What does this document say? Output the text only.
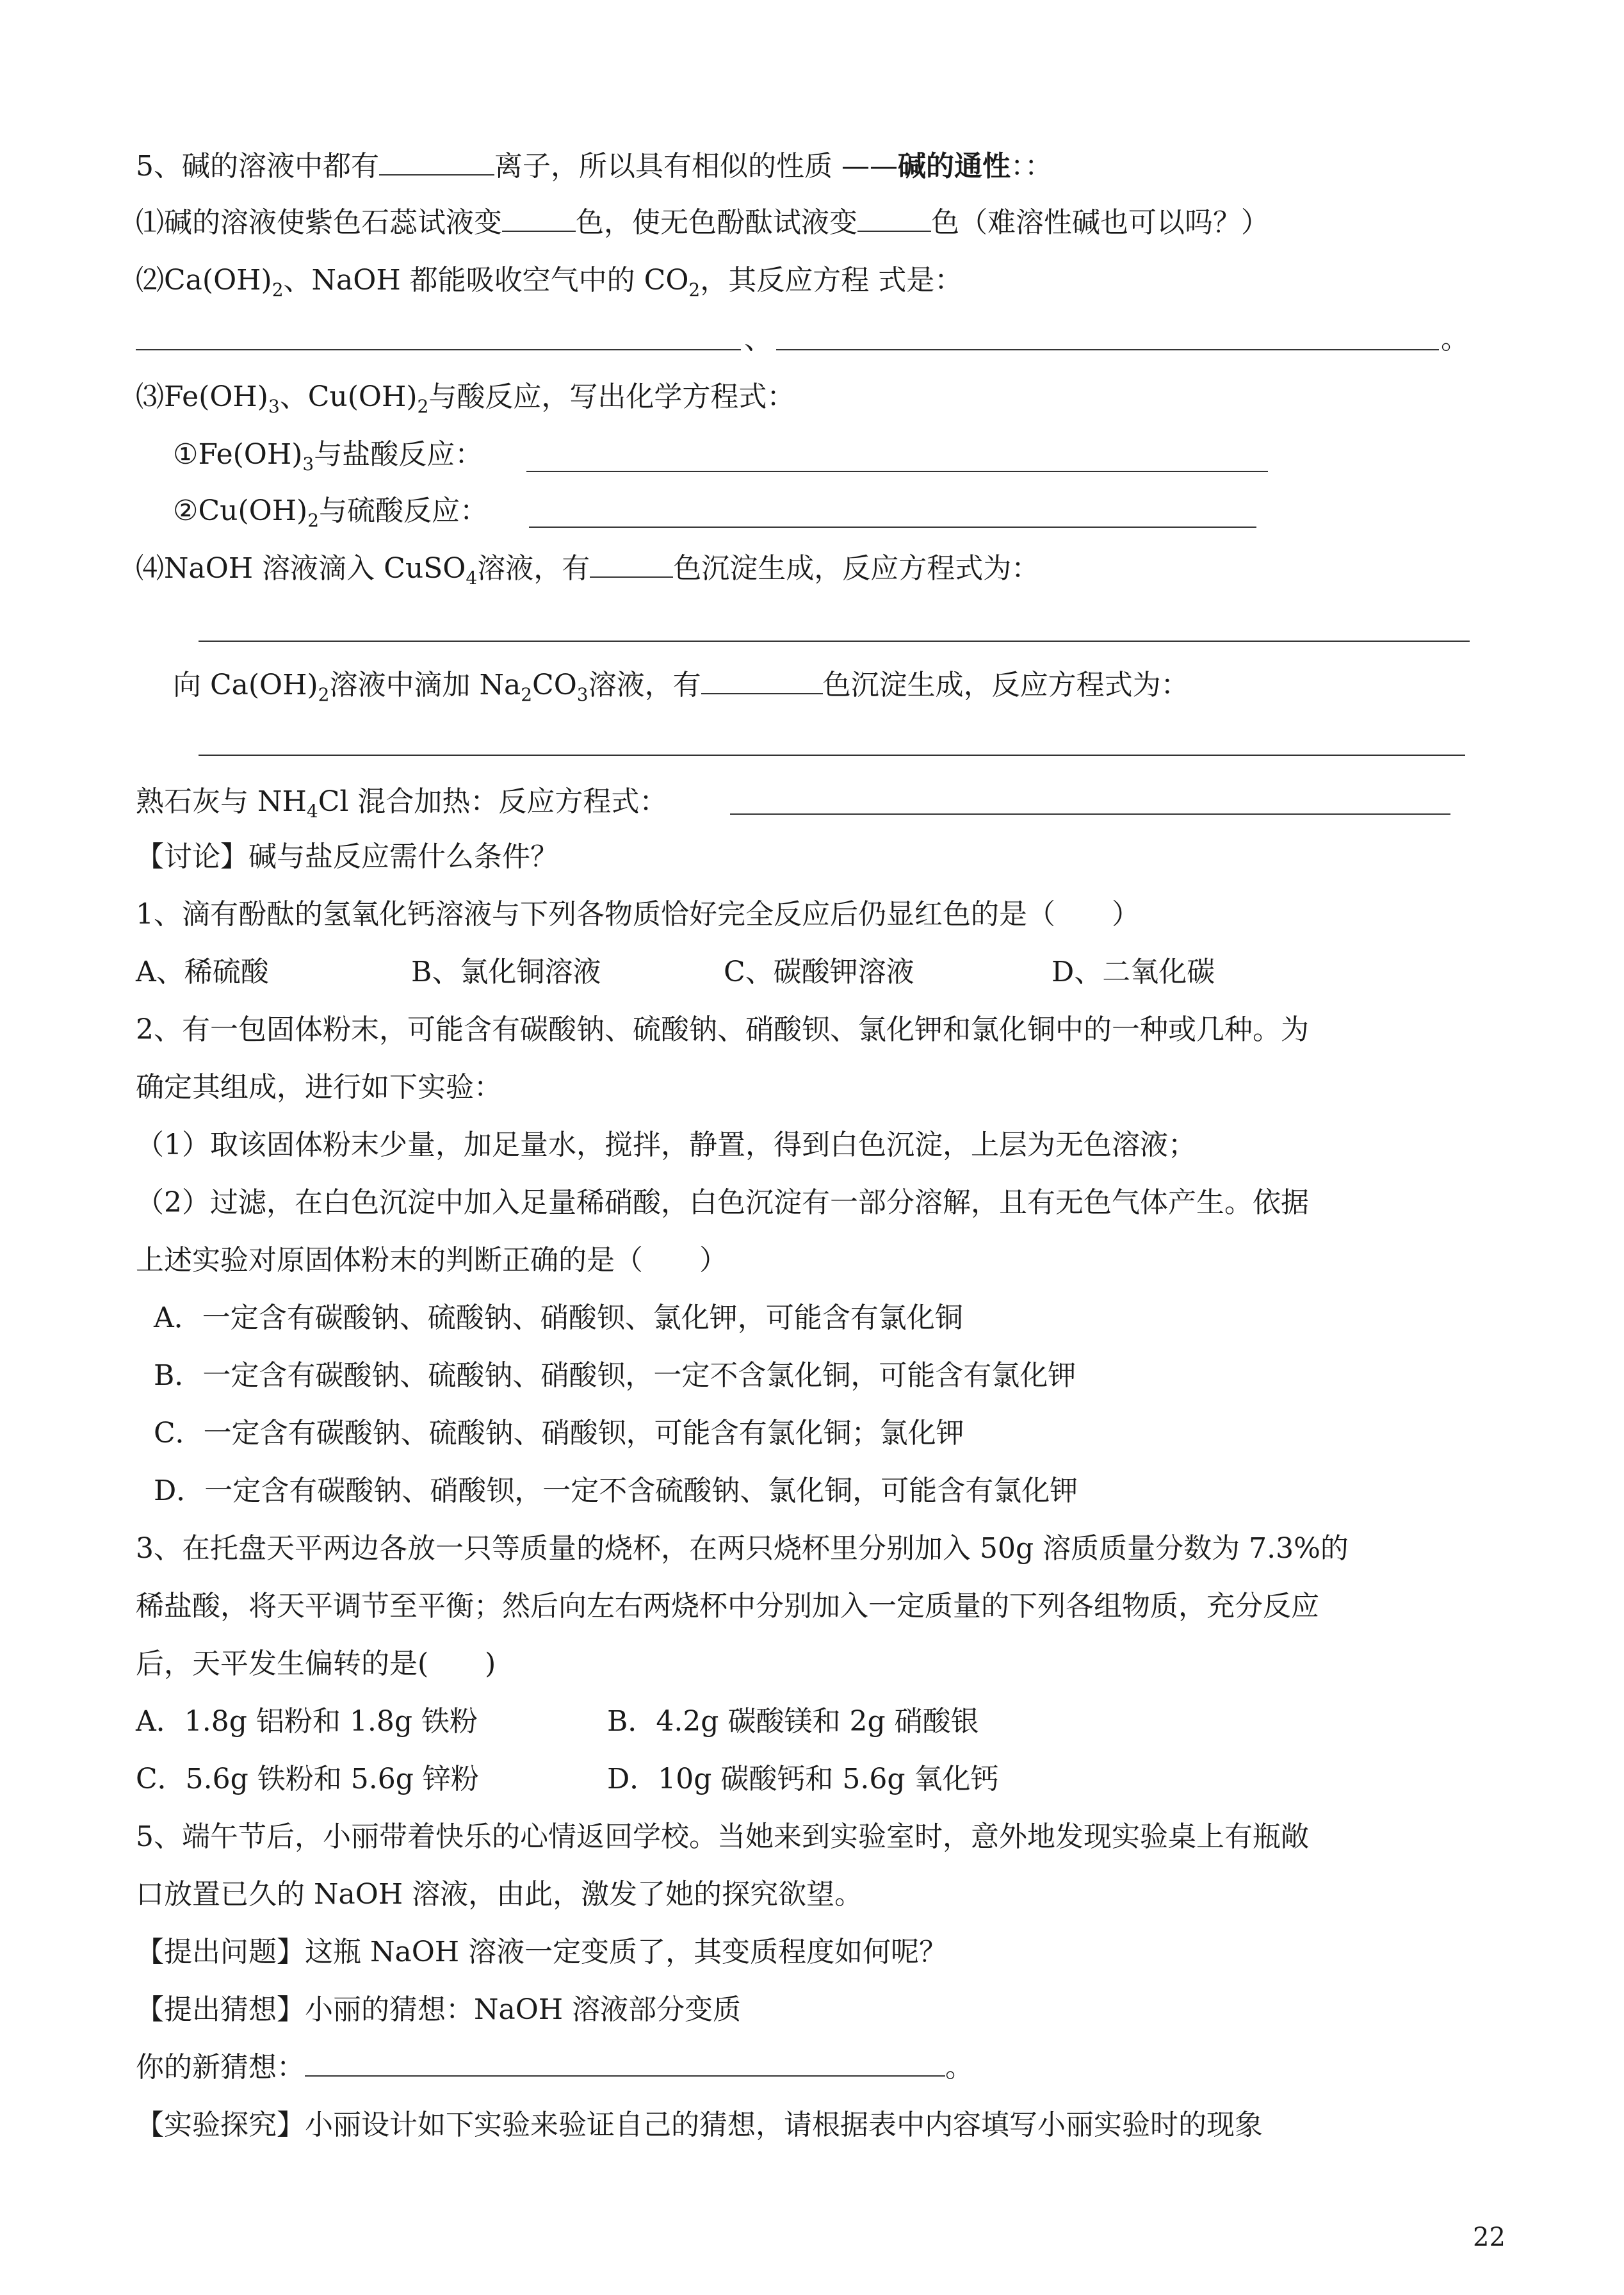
5、碱的溶液中都有	离子，所以具有相似的性质 ——碱的通性：：
⑴碱的溶液使紫色石蕊试液变	色，使无色酚酞试液变	色（难溶性碱也可以吗？）
$⑵Ca(OH)_2$、NaOH 都能吸收空气中的 $CO_2$，其反应方程 式是：
、	。
$⑶Fe(OH)_3$、$Cu(OH)_2$与酸反应，写出化学方程式：
$①Fe(OH)_3$与盐酸反应：
$②Cu(OH)_2$与硫酸反应：
⑷NaOH 溶液滴入 CuSO$_4$溶液，有	色沉淀生成，反应方程式为：
向 $Ca(OH)_2$溶液中滴加 $Na_2CO_3$溶液，有	色沉淀生成，反应方程式为：
熟石灰与 $NH_4Cl$ 混合加热：反应方程式：
【讨论】碱与盐反应需什么条件？
1、滴有酚酞的氢氧化钙溶液与下列各物质恰好完全反应后仍显红色的是（　　）
A、稀硫酸	B、氯化铜溶液	C、碳酸钾溶液	D、二氧化碳
2、有一包固体粉末，可能含有碳酸钠、硫酸钠、硝酸钡、氯化钾和氯化铜中的一种或几种。为
确定其组成，进行如下实验：
（1）取该固体粉末少量，加足量水，搅拌，静置，得到白色沉淀，上层为无色溶液；
（2）过滤，在白色沉淀中加入足量稀硝酸，白色沉淀有一部分溶解，且有无色气体产生。依据
上述实验对原固体粉末的判断正确的是（　　）
A．一定含有碳酸钠、硫酸钠、硝酸钡、氯化钾，可能含有氯化铜
B．一定含有碳酸钠、硫酸钠、硝酸钡，一定不含氯化铜，可能含有氯化钾
C．一定含有碳酸钠、硫酸钠、硝酸钡，可能含有氯化铜；氯化钾
D．一定含有碳酸钠、硝酸钡，一定不含硫酸钠、氯化铜，可能含有氯化钾
3、在托盘天平两边各放一只等质量的烧杯，在两只烧杯里分别加入 50g 溶质质量分数为 7.3%的
稀盐酸，将天平调节至平衡；然后向左右两烧杯中分别加入一定质量的下列各组物质，充分反应
后，天平发生偏转的是(　　)
A．1.8g 铝粉和 1.8g 铁粉	B．4.2g 碳酸镁和 2g 硝酸银
C．5.6g 铁粉和 5.6g 锌粉	D．10g 碳酸钙和 5.6g 氧化钙
5、端午节后，小丽带着快乐的心情返回学校。当她来到实验室时，意外地发现实验桌上有瓶敞
口放置已久的 NaOH 溶液，由此，激发了她的探究欲望。
【提出问题】这瓶 NaOH 溶液一定变质了，其变质程度如何呢？
【提出猜想】小丽的猜想：NaOH 溶液部分变质
你的新猜想：	。
【实验探究】小丽设计如下实验来验证自己的猜想，请根据表中内容填写小丽实验时的现象
22
